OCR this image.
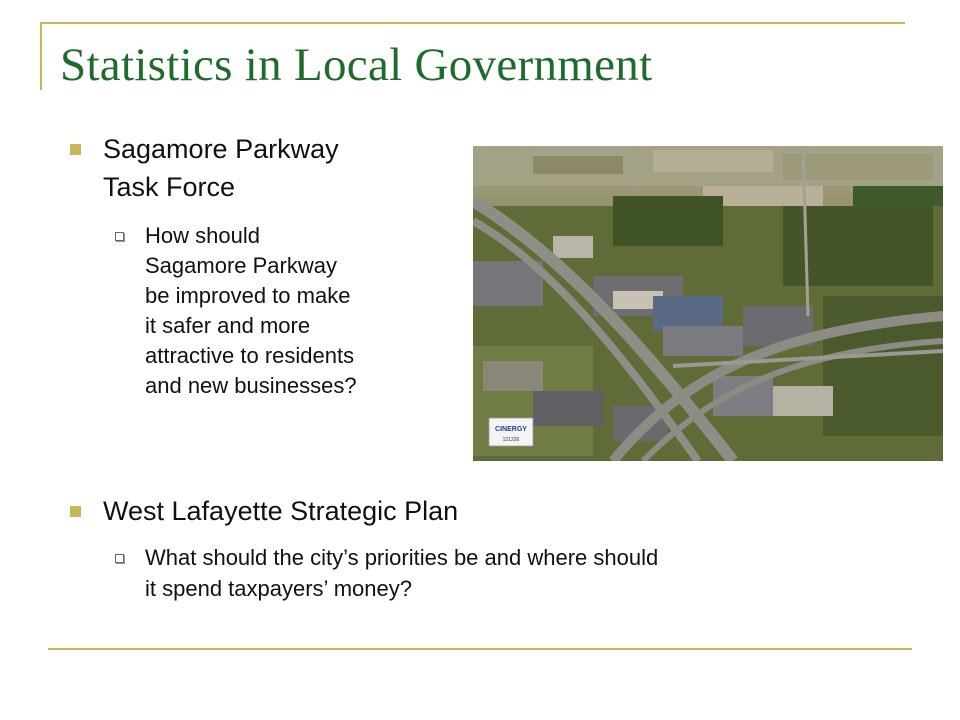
Statistics in Local Government
Sagamore Parkway
Task Force
How should
Sagamore Parkway
be improved to make
it safer and more
attractive to residents
and new businesses?
West Lafayette Strategic Plan
What should the city’s priorities be and where should
it spend taxpayers’ money?
CINERGY
121226
